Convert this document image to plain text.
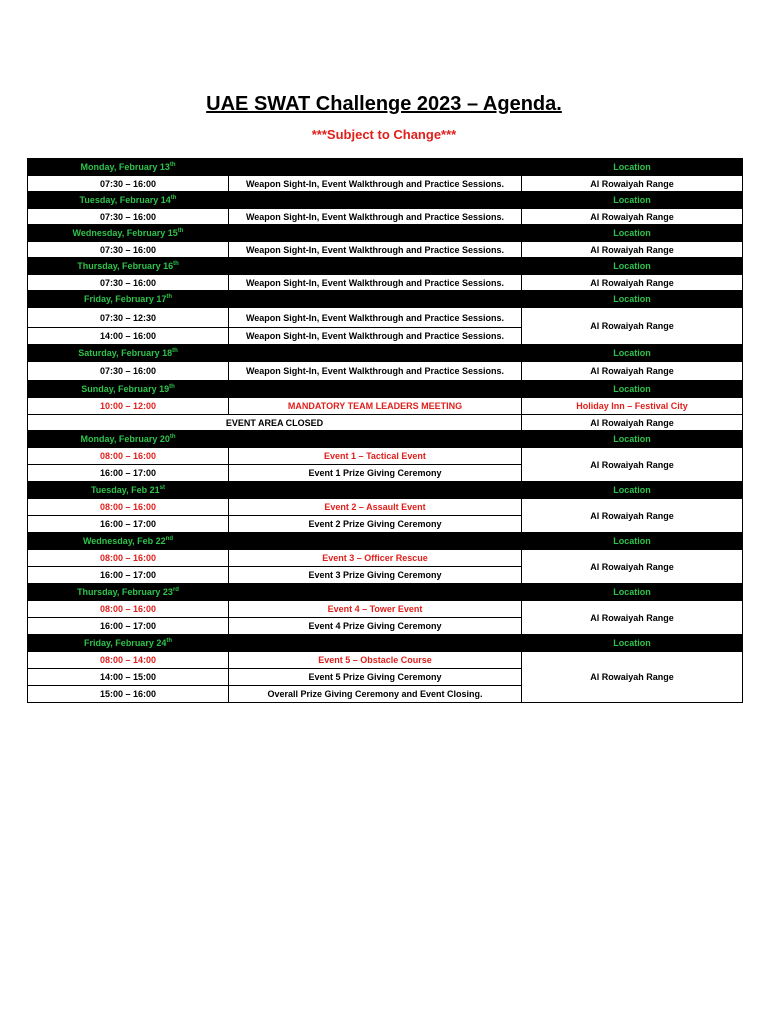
UAE SWAT Challenge 2023 – Agenda.
***Subject to Change***
Monday, February 13th		Location
07:30 – 16:00	Weapon Sight-In, Event Walkthrough and Practice Sessions.	Al Rowaiyah Range
Tuesday, February 14th		Location
07:30 – 16:00	Weapon Sight-In, Event Walkthrough and Practice Sessions.	Al Rowaiyah Range
Wednesday, February 15th		Location
07:30 – 16:00	Weapon Sight-In, Event Walkthrough and Practice Sessions.	Al Rowaiyah Range
Thursday, February 16th		Location
07:30 – 16:00	Weapon Sight-In, Event Walkthrough and Practice Sessions.	Al Rowaiyah Range
Friday, February 17th		Location
07:30 – 12:30	Weapon Sight-In, Event Walkthrough and Practice Sessions.	Al Rowaiyah Range
14:00 – 16:00	Weapon Sight-In, Event Walkthrough and Practice Sessions.	
Saturday, February 18th		Location
07:30 – 16:00	Weapon Sight-In, Event Walkthrough and Practice Sessions.	Al Rowaiyah Range
Sunday, February 19th		Location
10:00 – 12:00	MANDATORY TEAM LEADERS MEETING	Holiday Inn – Festival City
EVENT AREA CLOSED		Al Rowaiyah Range
Monday, February 20th		Location
08:00 – 16:00	Event 1 – Tactical Event	Al Rowaiyah Range
16:00 – 17:00	Event 1 Prize Giving Ceremony	
Tuesday, Feb 21st		Location
08:00 – 16:00	Event 2 – Assault Event	Al Rowaiyah Range
16:00 – 17:00	Event 2 Prize Giving Ceremony	
Wednesday, Feb 22nd		Location
08:00 – 16:00	Event 3 – Officer Rescue	Al Rowaiyah Range
16:00 – 17:00	Event 3 Prize Giving Ceremony	
Thursday, February 23rd		Location
08:00 – 16:00	Event 4 – Tower Event	Al Rowaiyah Range
16:00 – 17:00	Event 4 Prize Giving Ceremony	
Friday, February 24th		Location
08:00 – 14:00	Event 5 – Obstacle Course	Al Rowaiyah Range
14:00 – 15:00	Event 5 Prize Giving Ceremony	
15:00 – 16:00	Overall Prize Giving Ceremony and Event Closing.	
